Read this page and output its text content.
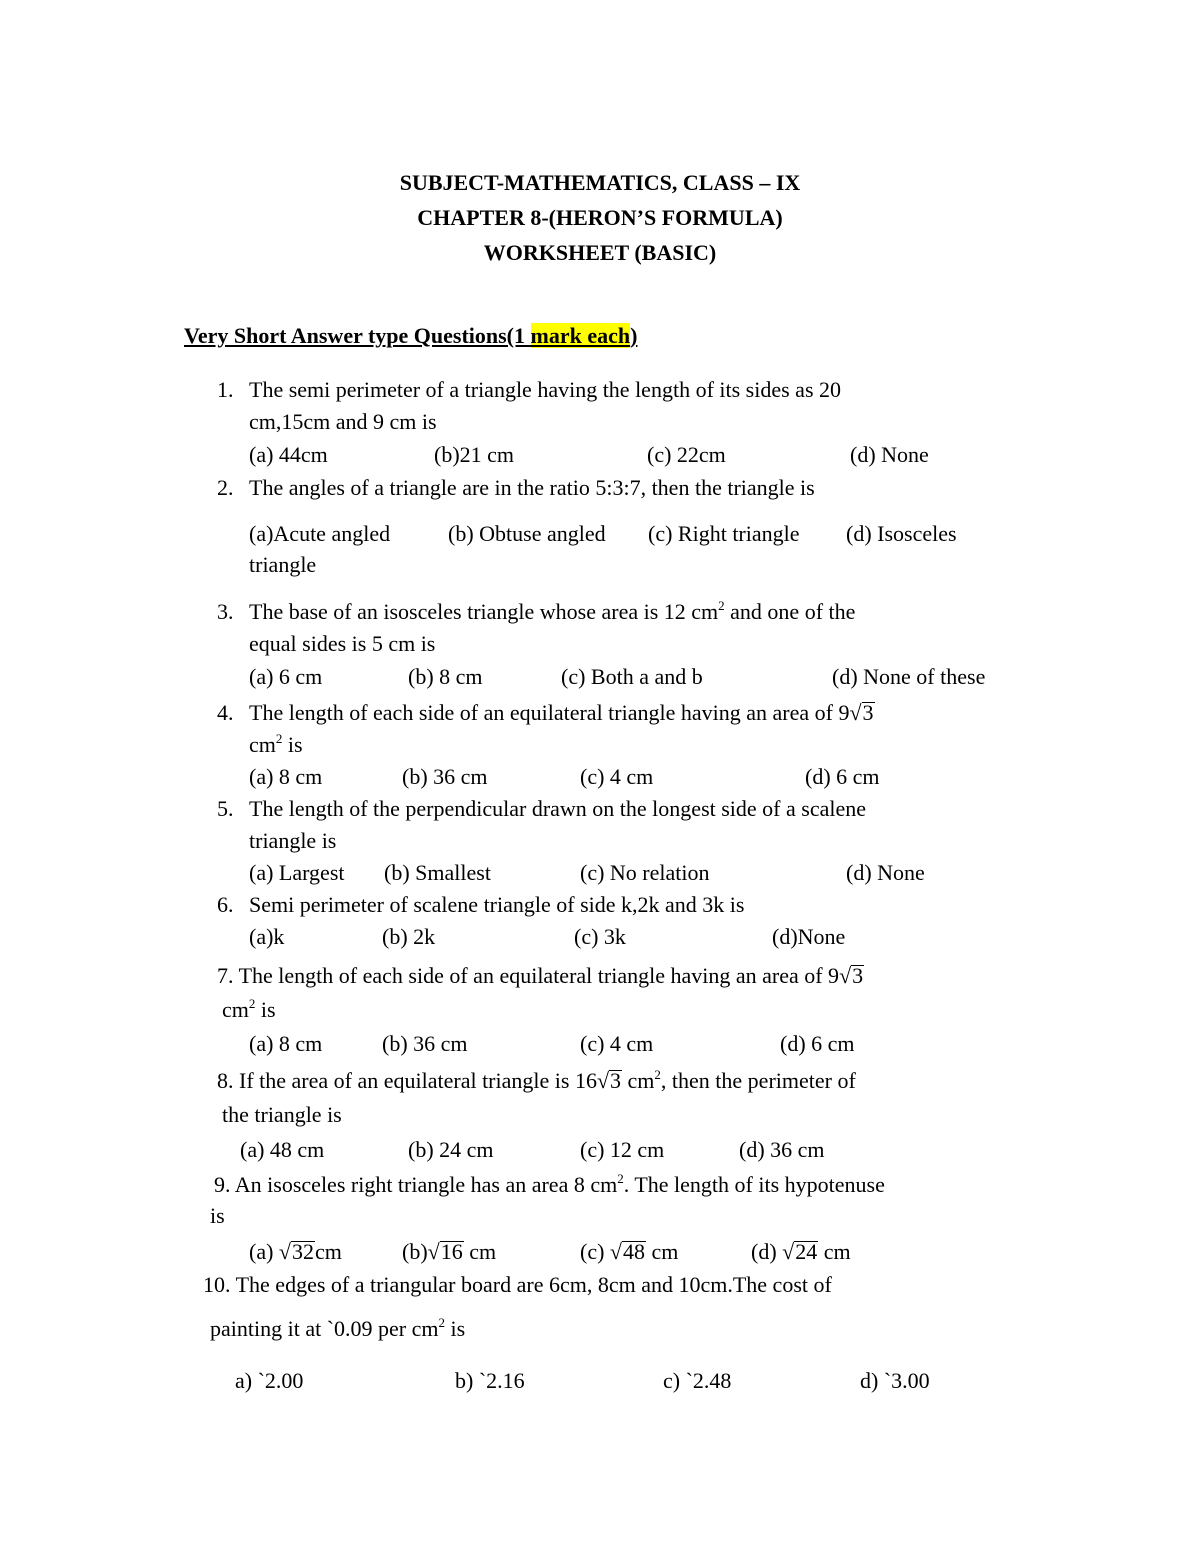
SUBJECT-MATHEMATICS, CLASS – IX
CHAPTER 8-(HERON’S FORMULA)
WORKSHEET (BASIC)
Very Short Answer type Questions(1 mark each)
1. The semi perimeter of a triangle having the length of its sides as 20
cm,15cm and 9 cm is
(a) 44cm	(b)21 cm	(c) 22cm	(d) None
2. The angles of a triangle are in the ratio 5:3:7, then the triangle is
(a)Acute angled	(b) Obtuse angled (c) Right triangle (d) Isosceles
triangle
3. The base of an isosceles triangle whose area is 12 $cm^2$ and one of the
equal sides is 5 cm is
(a) 6 cm	(b) 8 cm	(c) Both a and b	(d) None of these
4. The length of each side of an equilateral triangle having an area of 9√3
$cm^2$ is
(a) 8 cm	(b) 36 cm	(c) 4 cm	(d) 6 cm
5. The length of the perpendicular drawn on the longest side of a scalene
triangle is
(a) Largest (b) Smallest	(c) No relation	(d) None
6. Semi perimeter of scalene triangle of side k,2k and 3k is
(a)k	(b) 2k	(c) 3k	(d)None
7. The length of each side of an equilateral triangle having an area of 9√3
$cm^2$ is
(a) 8 cm	(b) 36 cm	(c) 4 cm	(d) 6 cm
8. If the area of an equilateral triangle is 16√3 $cm^2$, then the perimeter of
the triangle is
(a) 48 cm	(b) 24 cm	(c) 12 cm	(d) 36 cm
9. An isosceles right triangle has an area 8 $cm^2$. The length of its hypotenuse
is
(a) √32cm	(b)√16 cm	(c) √48 cm	(d) √24 cm
10. The edges of a triangular board are 6cm, 8cm and 10cm.The cost of
painting it at `0.09 per $cm^2$ is
a) `2.00	b) `2.16	c) `2.48	d) `3.00
